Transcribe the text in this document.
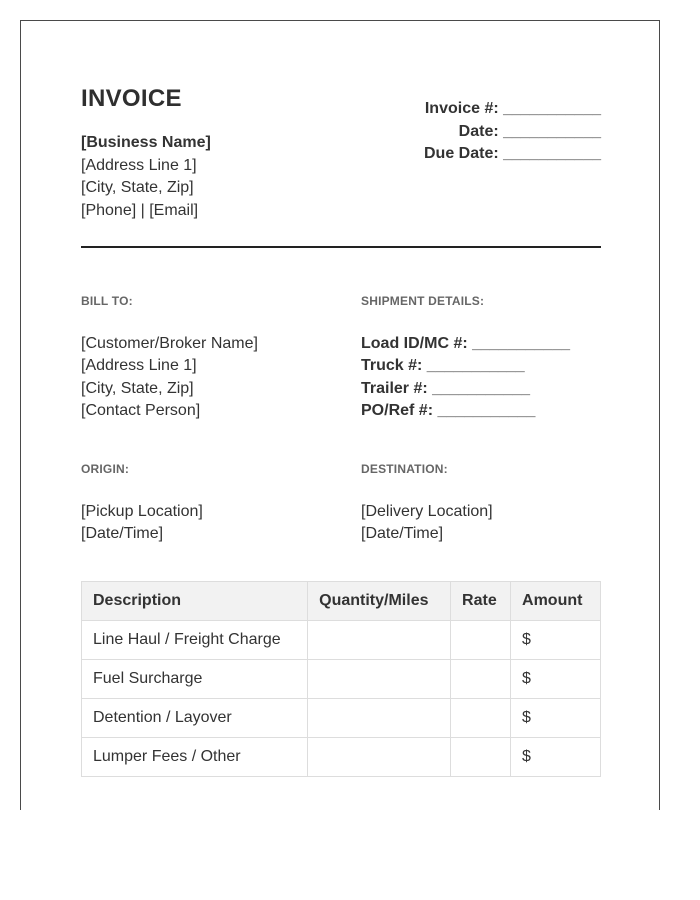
INVOICE
[Business Name]
[Address Line 1]
[City, State, Zip]
[Phone] | [Email]
Invoice #: ___________
Date: ___________
Due Date: ___________
BILL TO:
[Customer/Broker Name]
[Address Line 1]
[City, State, Zip]
[Contact Person]
SHIPMENT DETAILS:
Load ID/MC #: ___________
Truck #: ___________
Trailer #: ___________
PO/Ref #: ___________
ORIGIN:
[Pickup Location]
[Date/Time]
DESTINATION:
[Delivery Location]
[Date/Time]
Description	Quantity/Miles	Rate	Amount
Line Haul / Freight Charge			$
Fuel Surcharge			$
Detention / Layover			$
Lumper Fees / Other			$
